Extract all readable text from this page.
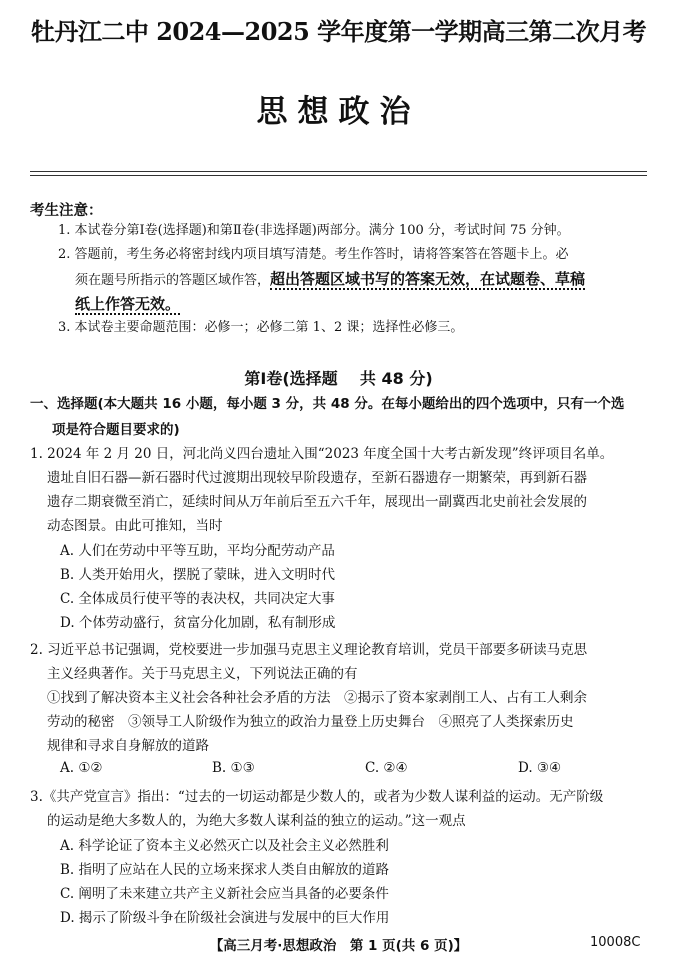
牡丹江二中 2024—2025 学年度第一学期高三第二次月考
思想政治
考生注意：
1. 本试卷分第Ⅰ卷(选择题)和第Ⅱ卷(非选择题)两部分。满分 100 分，考试时间 75 分钟。
2. 答题前，考生务必将密封线内项目填写清楚。考生作答时，请将答案答在答题卡上。必
须在题号所指示的答题区域作答，超出答题区域书写的答案无效，在试题卷、草稿
纸上作答无效。
3. 本试卷主要命题范围：必修一；必修二第 1、2 课；选择性必修三。
第Ⅰ卷(选择题    共 48 分)
一、选择题(本大题共 16 小题，每小题 3 分，共 48 分。在每小题给出的四个选项中，只有一个选
项是符合题目要求的)
1. 2024 年 2 月 20 日，河北尚义四台遗址入围“2023 年度全国十大考古新发现”终评项目名单。
遗址自旧石器—新石器时代过渡期出现较早阶段遗存，至新石器遗存一期繁荣，再到新石器
遗存二期衰微至消亡，延续时间从万年前后至五六千年，展现出一副冀西北史前社会发展的
动态图景。由此可推知，当时
A. 人们在劳动中平等互助，平均分配劳动产品
B. 人类开始用火，摆脱了蒙昧，进入文明时代
C. 全体成员行使平等的表决权，共同决定大事
D. 个体劳动盛行，贫富分化加剧，私有制形成
2. 习近平总书记强调，党校要进一步加强马克思主义理论教育培训，党员干部要多研读马克思
主义经典著作。关于马克思主义，下列说法正确的有
①找到了解决资本主义社会各种社会矛盾的方法　②揭示了资本家剥削工人、占有工人剩余
劳动的秘密　③领导工人阶级作为独立的政治力量登上历史舞台　④照亮了人类探索历史
规律和寻求自身解放的道路
A. ①②	B. ①③	C. ②④	D. ③④
3.《共产党宣言》指出：“过去的一切运动都是少数人的，或者为少数人谋利益的运动。无产阶级
的运动是绝大多数人的，为绝大多数人谋利益的独立的运动。”这一观点
A. 科学论证了资本主义必然灭亡以及社会主义必然胜利
B. 指明了应站在人民的立场来探求人类自由解放的道路
C. 阐明了未来建立共产主义新社会应当具备的必要条件
D. 揭示了阶级斗争在阶级社会演进与发展中的巨大作用
【高三月考·思想政治　第 1 页(共 6 页)】	10008C
